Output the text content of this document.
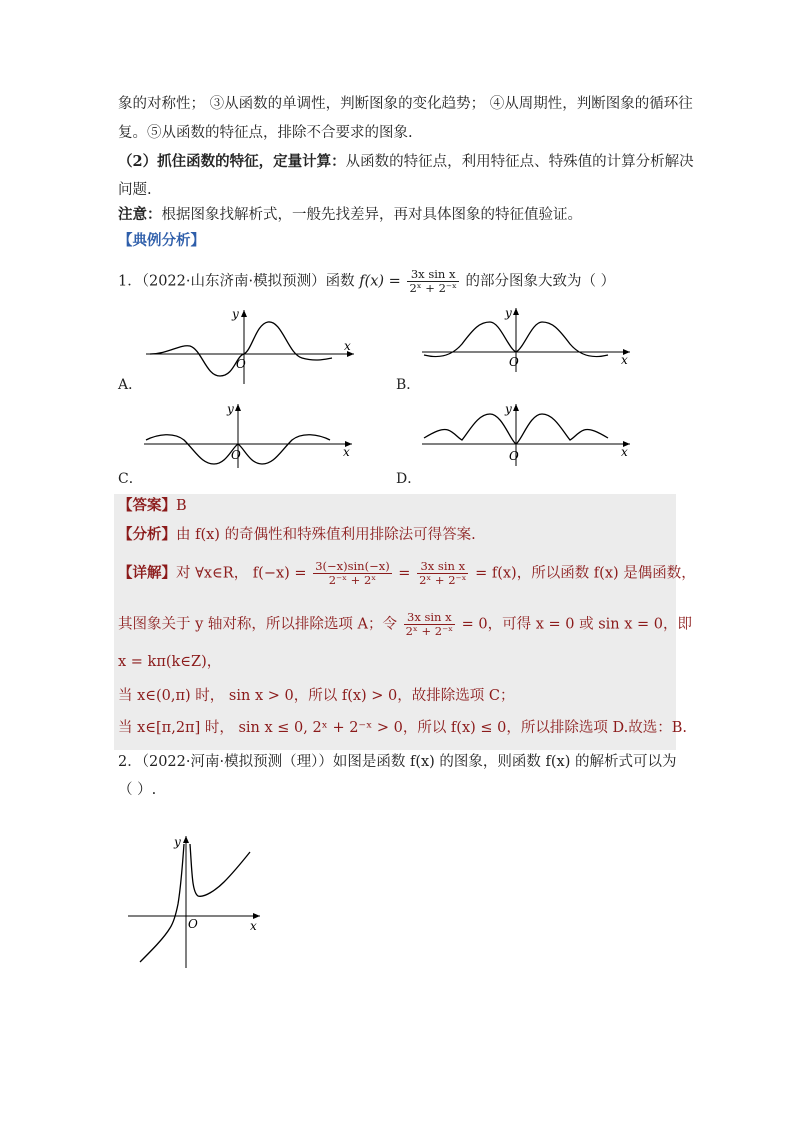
象的对称性； ③从函数的单调性，判断图象的变化趋势； ④从周期性，判断图象的循环往
复。⑤从函数的特征点，排除不合要求的图象.
（2）抓住函数的特征，定量计算：从函数的特征点，利用特征点、特殊值的计算分析解决
问题.
注意：根据图象找解析式，一般先找差异，再对具体图象的特征值验证。
【典例分析】
1．（2022·山东济南·模拟预测）函数 $f(x) = \frac{\text{3x sin x}}{\text{2ˣ + 2⁻ˣ}}$ 的部分图象大致为（ ）
O
x
y
A．
O	x
y
B．
O	x
y
C．
O	x
y
D．
【答案】B
【分析】由 f(x) 的奇偶性和特殊值利用排除法可得答案.
【详解】对 ∀x∈R， $f(-x) = \frac{3(-x)\sin(-x)}{\text{2⁻ˣ + 2ˣ}} = \frac{\text{3x sin x}}{\text{2ˣ + 2⁻ˣ}} = f(x)$，所以函数 f(x) 是偶函数，
其图象关于 y 轴对称，所以排除选项 A；令 $\frac{\text{3x sin x}}{\text{2ˣ + 2⁻ˣ}} = 0$，可得 x = 0 或 sin x = 0，即
x = kπ(k∈Z)，
当 x∈(0,π) 时， sin x > 0，所以 f(x) > 0，故排除选项 C；
当 x∈[π,2π] 时， sin x ≤ 0, 2ˣ + 2⁻ˣ > 0，所以 f(x) ≤ 0，所以排除选项 D.故选：B.
2．（2022·河南·模拟预测（理））如图是函数 f(x) 的图象，则函数 f(x) 的解析式可以为
（ ）.
O	x
y
